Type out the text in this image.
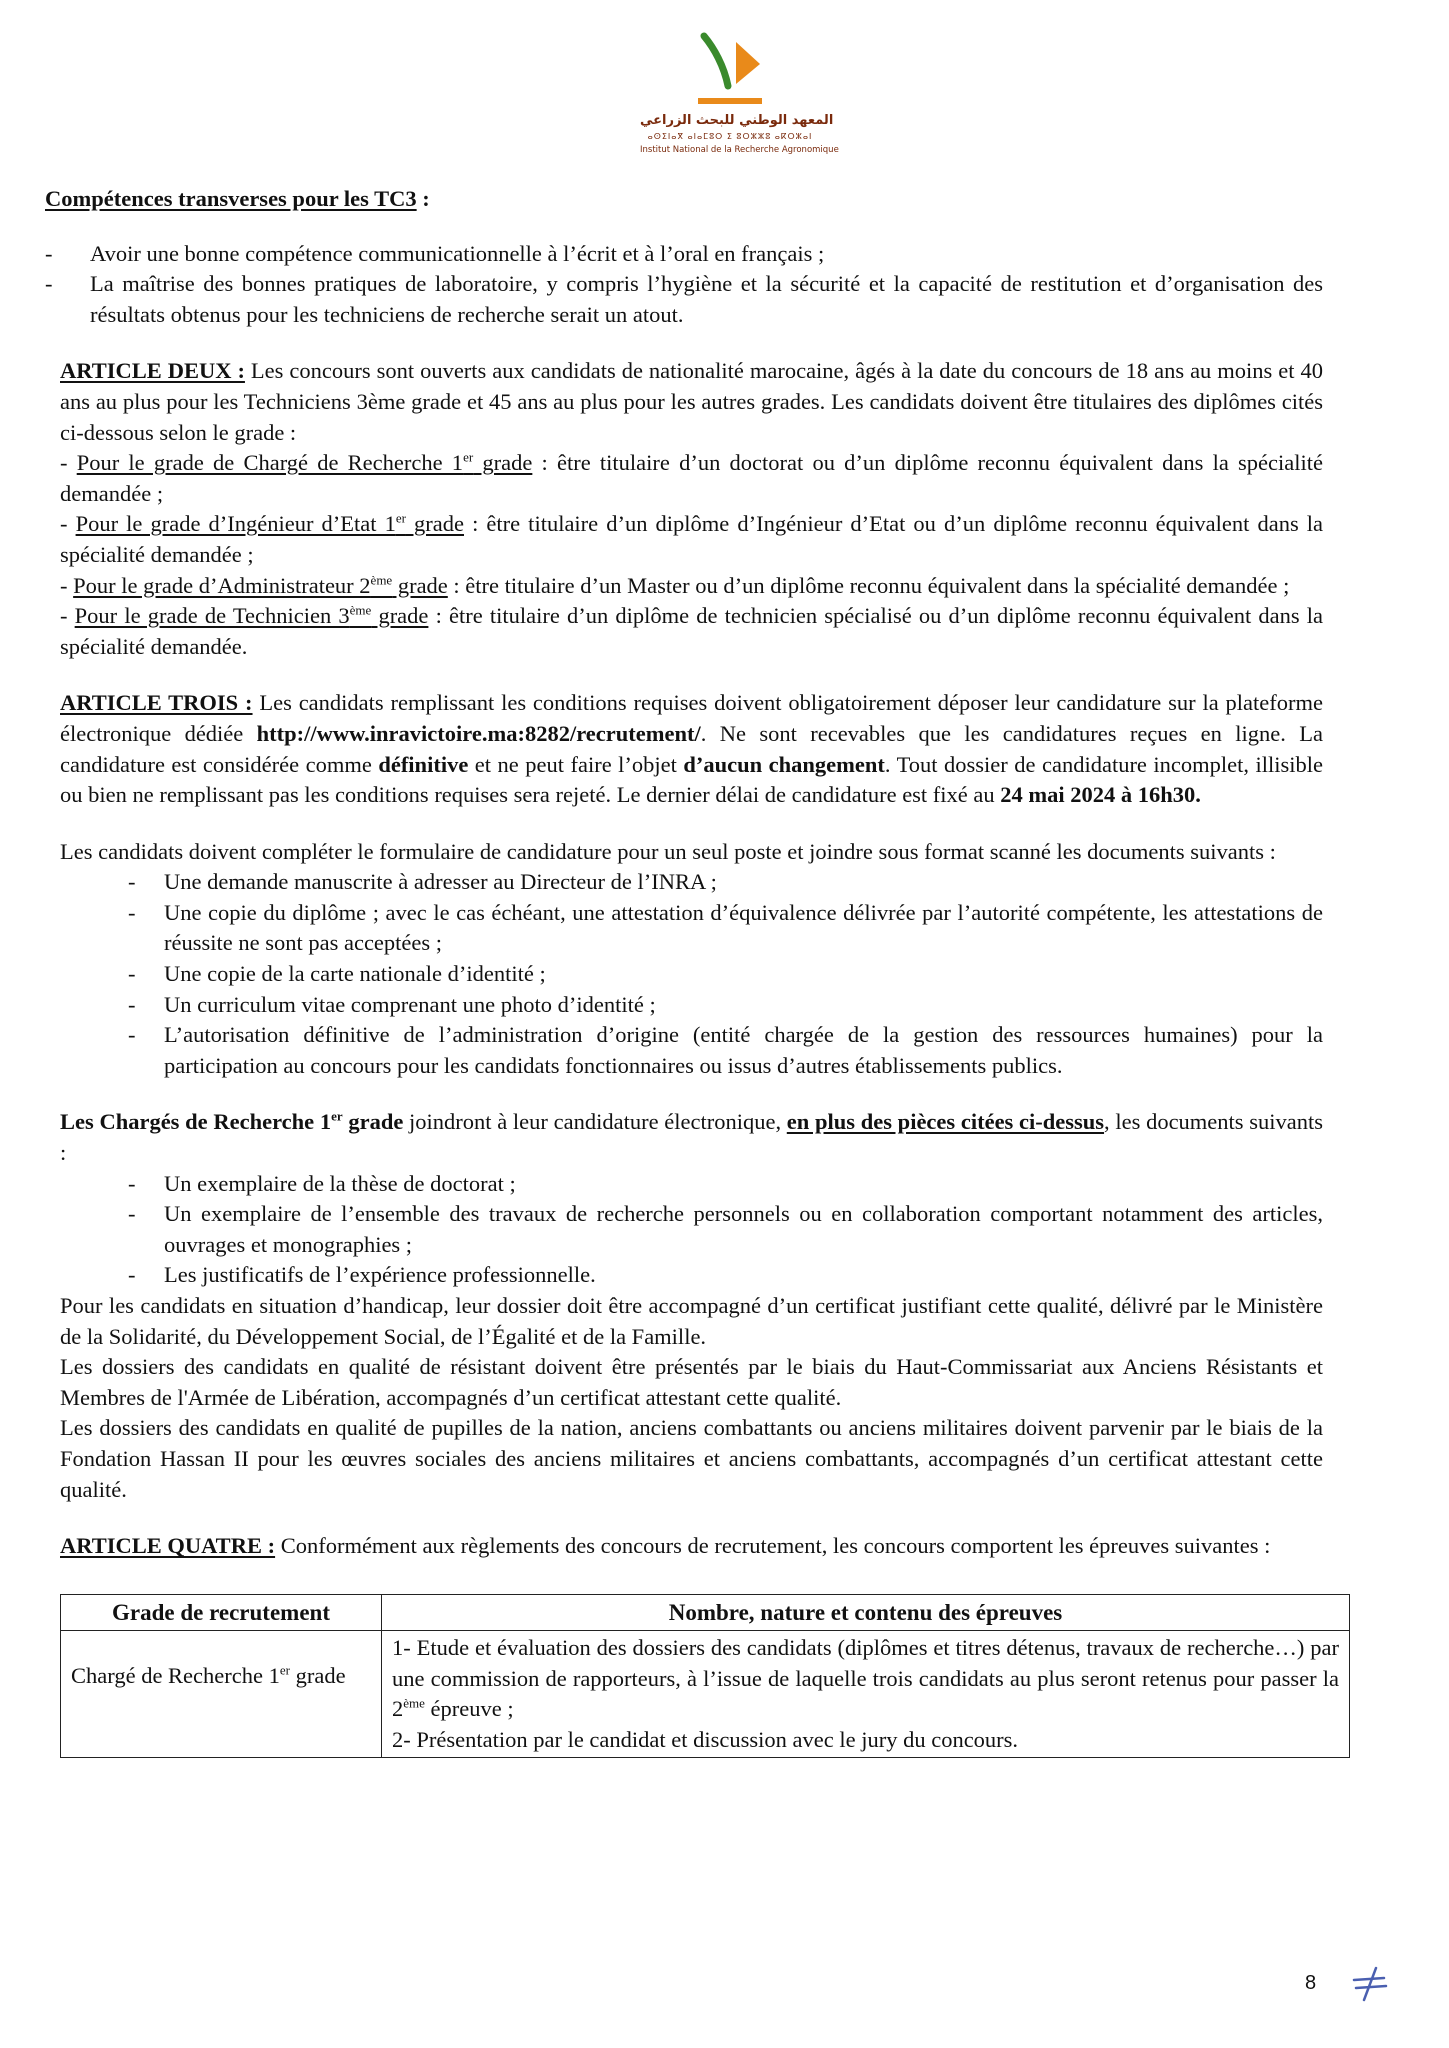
المعهد الوطني للبحث الزراعي
ⴰⵙⵉⵏⴰⴳ ⴰⵏⴰⵎⵓⵔ ⵉ ⵓⵔⵣⵣⵓ ⴰⴽⵔⵣⴰⵏ
Institut National de la Recherche Agronomique
Compétences transverses pour les TC3 :
- Avoir une bonne compétence communicationnelle à l’écrit et à l’oral en français ;
- La maîtrise des bonnes pratiques de laboratoire, y compris l’hygiène et la sécurité et la capacité de restitution et d’organisation des résultats obtenus pour les techniciens de recherche serait un atout.

ARTICLE DEUX : Les concours sont ouverts aux candidats de nationalité marocaine, âgés à la date du concours de 18 ans au moins et 40 ans au plus pour les Techniciens 3ème grade et 45 ans au plus pour les autres grades. Les candidats doivent être titulaires des diplômes cités ci-dessous selon le grade :

- Pour le grade de Chargé de Recherche 1er grade : être titulaire d’un doctorat ou d’un diplôme reconnu équivalent dans la spécialité demandée ;
- Pour le grade d’Ingénieur d’Etat 1er grade : être titulaire d’un diplôme d’Ingénieur d’Etat ou d’un diplôme reconnu équivalent dans la spécialité demandée ;
- Pour le grade d’Administrateur 2ème grade : être titulaire d’un Master ou d’un diplôme reconnu équivalent dans la spécialité demandée ;
- Pour le grade de Technicien 3ème grade : être titulaire d’un diplôme de technicien spécialisé ou d’un diplôme reconnu équivalent dans la spécialité demandée.

ARTICLE TROIS : Les candidats remplissant les conditions requises doivent obligatoirement déposer leur candidature sur la plateforme électronique dédiée http://www.inravictoire.ma:8282/recrutement/. Ne sont recevables que les candidatures reçues en ligne. La candidature est considérée comme définitive et ne peut faire l’objet d’aucun changement. Tout dossier de candidature incomplet, illisible ou bien ne remplissant pas les conditions requises sera rejeté. Le dernier délai de candidature est fixé au 24 mai 2024 à 16h30.

Les candidats doivent compléter le formulaire de candidature pour un seul poste et joindre sous format scanné les documents suivants :

- Une demande manuscrite à adresser au Directeur de l’INRA ;
- Une copie du diplôme ; avec le cas échéant, une attestation d’équivalence délivrée par l’autorité compétente, les attestations de réussite ne sont pas acceptées ;
- Une copie de la carte nationale d’identité ;
- Un curriculum vitae comprenant une photo d’identité ;
- L’autorisation définitive de l’administration d’origine (entité chargée de la gestion des ressources humaines) pour la participation au concours pour les candidats fonctionnaires ou issus d’autres établissements publics.

Les Chargés de Recherche 1er grade joindront à leur candidature électronique, en plus des pièces citées ci-dessus, les documents suivants :

- Un exemplaire de la thèse de doctorat ;
- Un exemplaire de l’ensemble des travaux de recherche personnels ou en collaboration comportant notamment des articles, ouvrages et monographies ;
- Les justificatifs de l’expérience professionnelle.

Pour les candidats en situation d’handicap, leur dossier doit être accompagné d’un certificat justifiant cette qualité, délivré par le Ministère de la Solidarité, du Développement Social, de l’Égalité et de la Famille.

Les dossiers des candidats en qualité de résistant doivent être présentés par le biais du Haut-Commissariat aux Anciens Résistants et Membres de l'Armée de Libération, accompagnés d’un certificat attestant cette qualité.

Les dossiers des candidats en qualité de pupilles de la nation, anciens combattants ou anciens militaires doivent parvenir par le biais de la Fondation Hassan II pour les œuvres sociales des anciens militaires et anciens combattants, accompagnés d’un certificat attestant cette qualité.

ARTICLE QUATRE : Conformément aux règlements des concours de recrutement, les concours comportent les épreuves suivantes :

Grade de recrutement	Nombre, nature et contenu des épreuves

Chargé de Recherche 1er grade	1- Etude et évaluation des dossiers des candidats (diplômes et titres détenus, travaux de recherche…) par une commission de rapporteurs, à l’issue de laquelle trois candidats au plus seront retenus pour passer la 2ème épreuve ;
2- Présentation par le candidat et discussion avec le jury du concours.
8
